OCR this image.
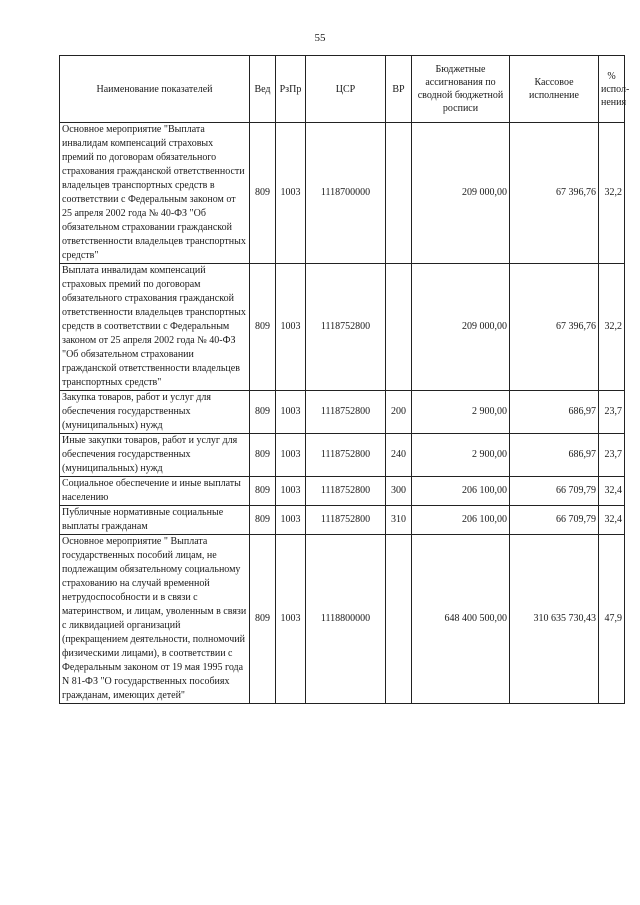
55
Наименование показателей	Вед	РзПр	ЦСР	ВР	Бюджетные ассигнования по сводной бюджетной росписи	Кассовое исполнение	% испол-нения
Основное мероприятие "Выплата инвалидам компенсаций страховых премий по договорам обязательного страхования гражданской ответственности владельцев транспортных средств в соответствии с Федеральным законом от 25 апреля 2002 года № 40-ФЗ "Об обязательном страховании гражданской ответственности владельцев транспортных средств"	809	1003	1118700000		209 000,00	67 396,76	32,2
Выплата инвалидам компенсаций страховых премий по договорам обязательного страхования гражданской ответственности владельцев транспортных средств в соответствии с Федеральным законом от 25 апреля 2002 года № 40-ФЗ "Об обязательном страховании гражданской ответственности владельцев транспортных средств"	809	1003	1118752800		209 000,00	67 396,76	32,2
Закупка товаров, работ и услуг для обеспечения государственных (муниципальных) нужд	809	1003	1118752800	200	2 900,00	686,97	23,7
Иные закупки товаров, работ и услуг для обеспечения государственных (муниципальных) нужд	809	1003	1118752800	240	2 900,00	686,97	23,7
Социальное обеспечение и иные выплаты населению	809	1003	1118752800	300	206 100,00	66 709,79	32,4
Публичные нормативные социальные выплаты гражданам	809	1003	1118752800	310	206 100,00	66 709,79	32,4
Основное мероприятие " Выплата государственных пособий лицам, не подлежащим обязательному социальному страхованию на случай временной нетрудоспособности и в связи с материнством, и лицам, уволенным в связи с ликвидацией организаций (прекращением деятельности, полномочий физическими лицами), в соответствии с Федеральным законом от 19 мая 1995 года N 81-ФЗ "О государственных пособиях гражданам, имеющих детей"	809	1003	1118800000		648 400 500,00	310 635 730,43	47,9
